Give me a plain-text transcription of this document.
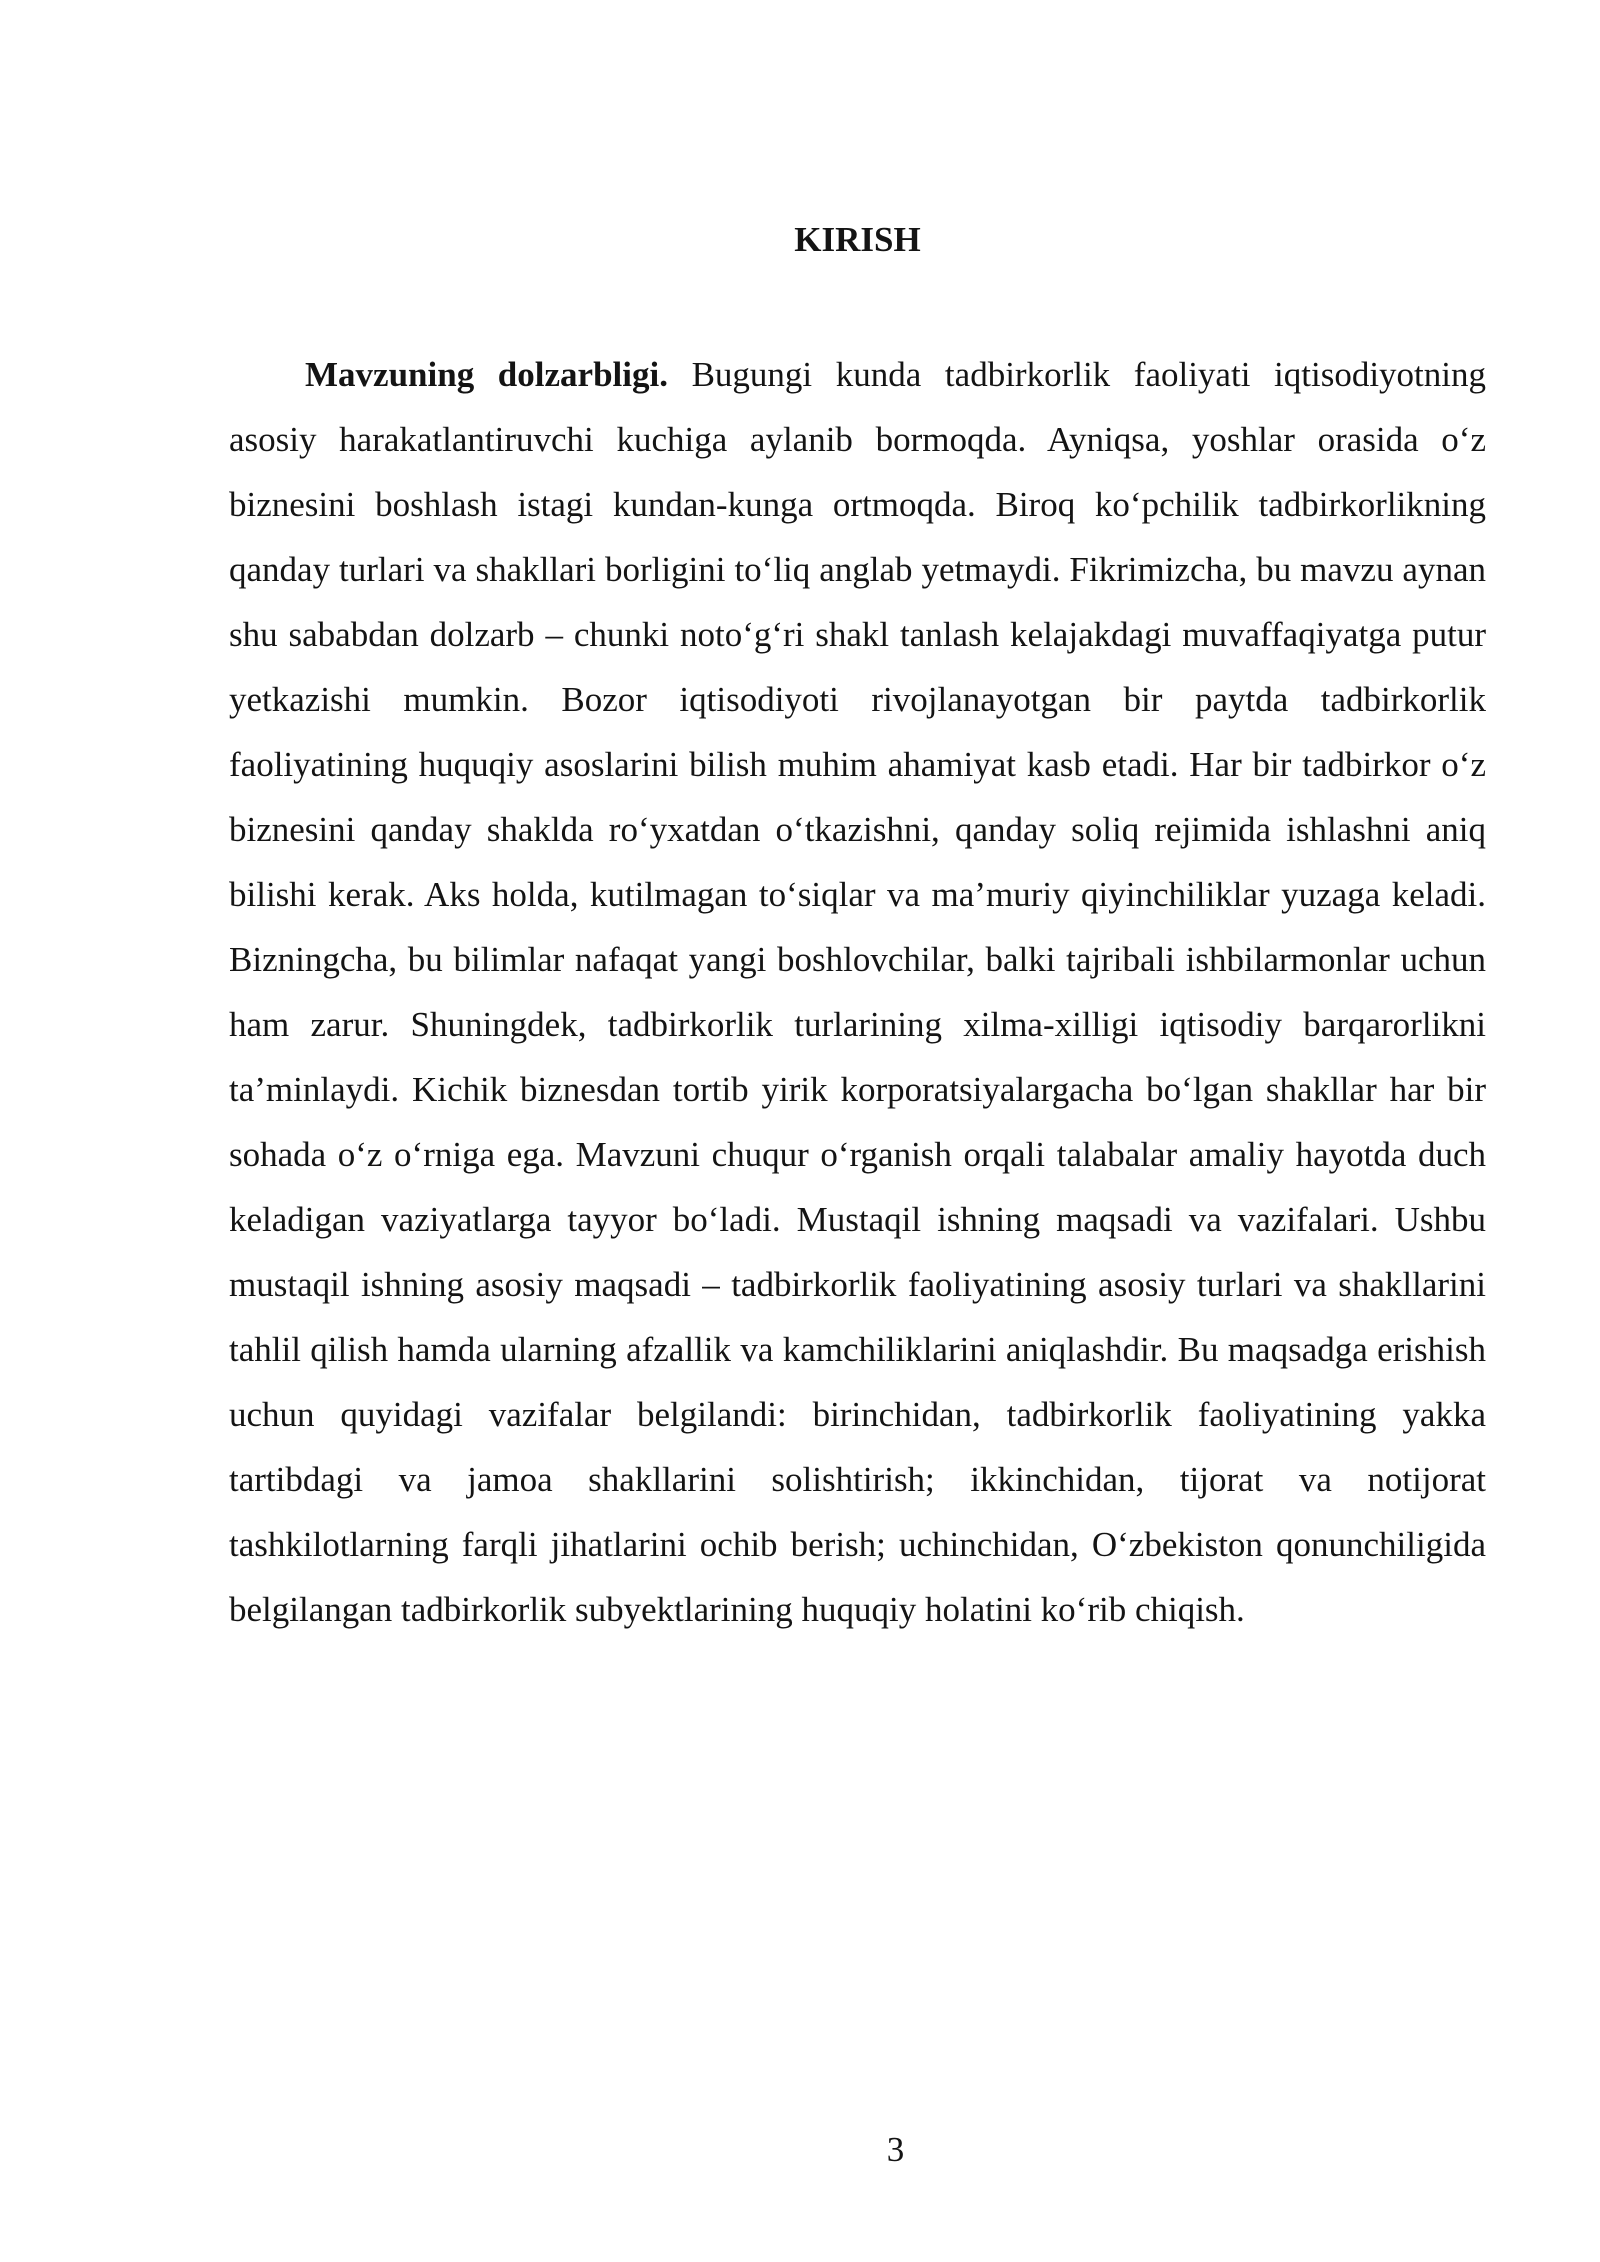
KIRISH

Mavzuning dolzarbligi. Bugungi kunda tadbirkorlik faoliyati iqtisodiyotning asosiy harakatlantiruvchi kuchiga aylanib bormoqda. Ayniqsa, yoshlar orasida o‘z biznesini boshlash istagi kundan-kunga ortmoqda. Biroq ko‘pchilik tadbirkorlikning qanday turlari va shakllari borligini to‘liq anglab yetmaydi. Fikrimizcha, bu mavzu aynan shu sababdan dolzarb – chunki noto‘g‘ri shakl tanlash kelajakdagi muvaffaqiyatga putur yetkazishi mumkin. Bozor iqtisodiyoti rivojlanayotgan bir paytda tadbirkorlik faoliyatining huquqiy asoslarini bilish muhim ahamiyat kasb etadi. Har bir tadbirkor o‘z biznesini qanday shaklda ro‘yxatdan o‘tkazishni, qanday soliq rejimida ishlashni aniq bilishi kerak. Aks holda, kutilmagan to‘siqlar va ma’muriy qiyinchiliklar yuzaga keladi. Bizningcha, bu bilimlar nafaqat yangi boshlovchilar, balki tajribali ishbilarmonlar uchun ham zarur. Shuningdek, tadbirkorlik turlarining xilma-xilligi iqtisodiy barqarorlikni ta’minlaydi. Kichik biznesdan tortib yirik korporatsiyalargacha bo‘lgan shakllar har bir sohada o‘z o‘rniga ega. Mavzuni chuqur o‘rganish orqali talabalar amaliy hayotda duch keladigan vaziyatlarga tayyor bo‘ladi. Mustaqil ishning maqsadi va vazifalari. Ushbu mustaqil ishning asosiy maqsadi – tadbirkorlik faoliyatining asosiy turlari va shakllarini tahlil qilish hamda ularning afzallik va kamchiliklarini aniqlashdir. Bu maqsadga erishish uchun quyidagi vazifalar belgilandi: birinchidan, tadbirkorlik faoliyatining yakka tartibdagi va jamoa shakllarini solishtirish; ikkinchidan, tijorat va notijorat tashkilotlarning farqli jihatlarini ochib berish; uchinchidan, O‘zbekiston qonunchiligida belgilangan tadbirkorlik subyektlarining huquqiy holatini ko‘rib chiqish.

3
